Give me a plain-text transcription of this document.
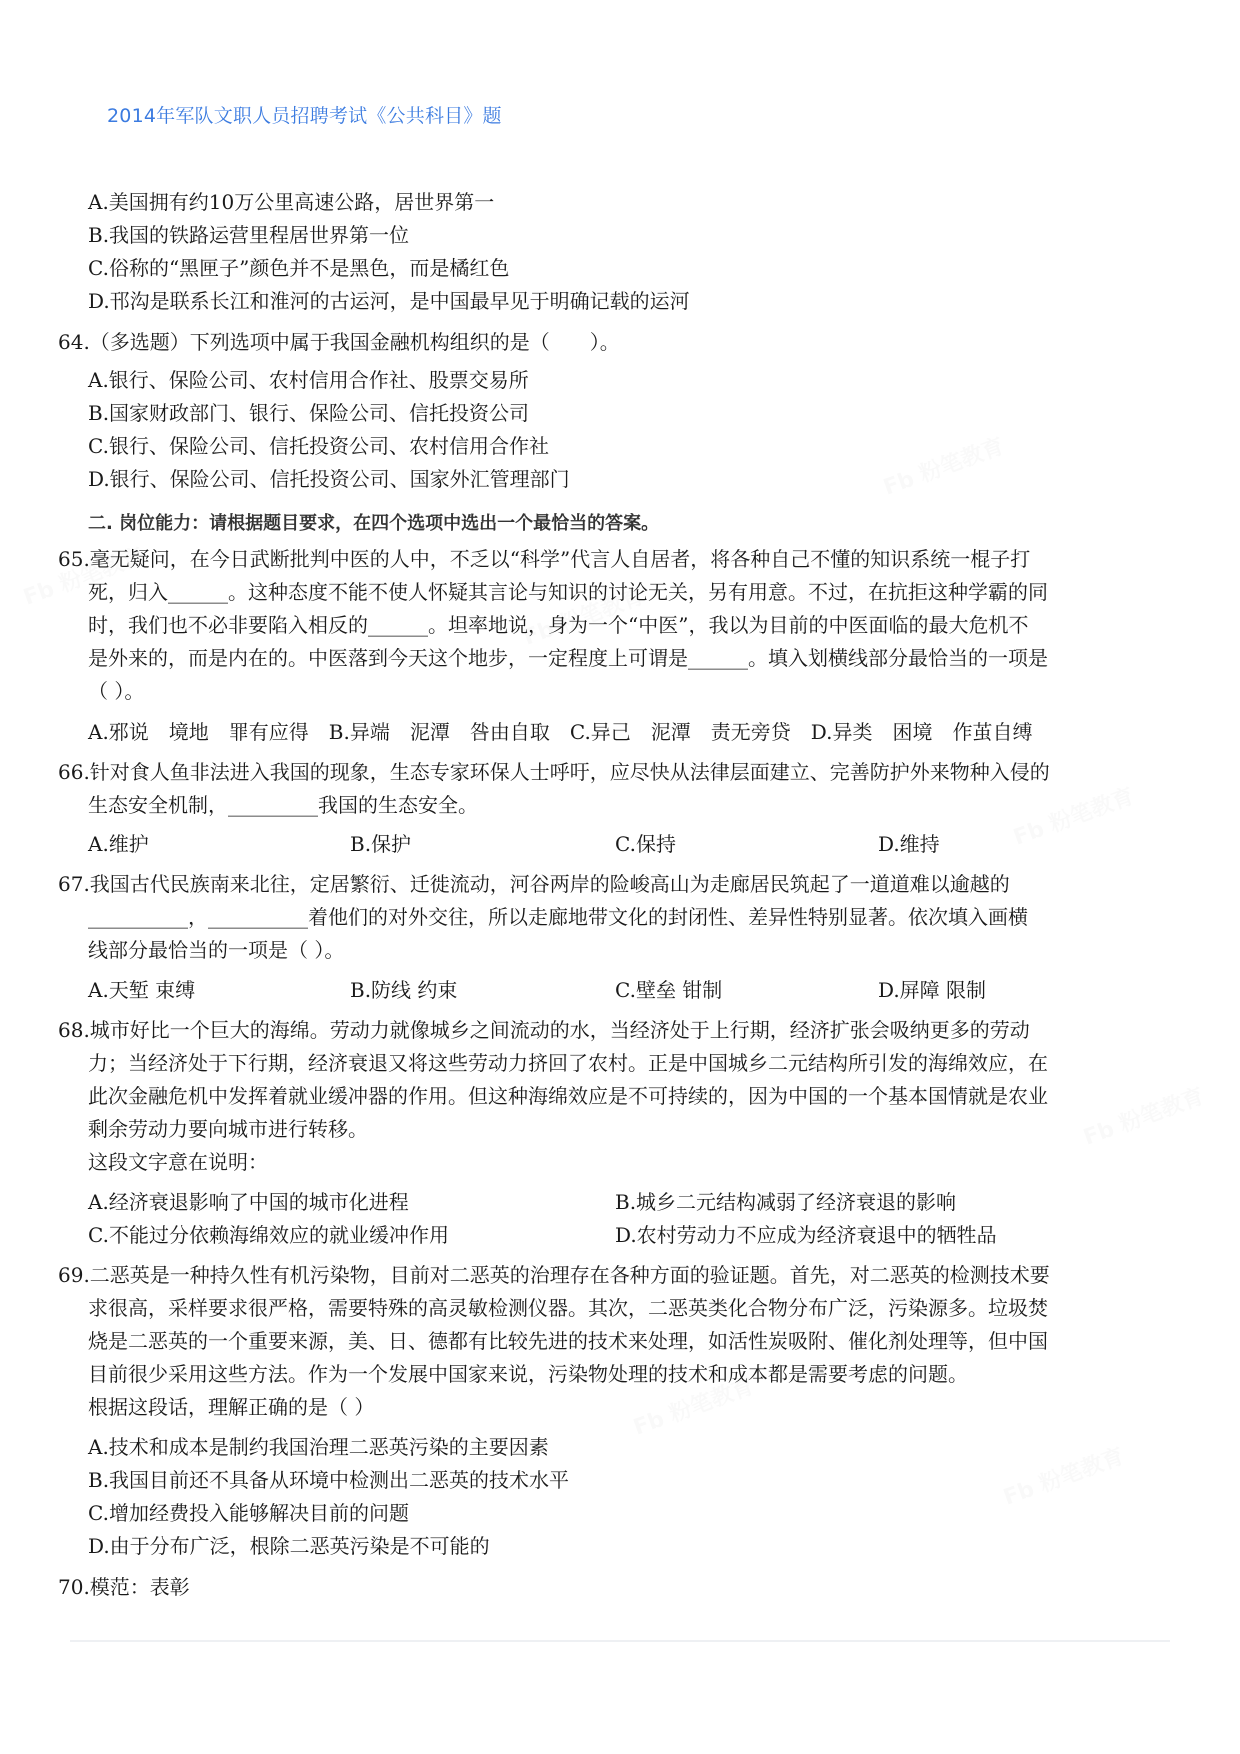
2014年军队文职人员招聘考试《公共科目》题
A.美国拥有约10万公里高速公路，居世界第一
B.我国的铁路运营里程居世界第一位
C.俗称的“黑匣子”颜色并不是黑色，而是橘红色
D.邗沟是联系长江和淮河的古运河，是中国最早见于明确记载的运河
64.（多选题）下列选项中属于我国金融机构组织的是（　　）。
A.银行、保险公司、农村信用合作社、股票交易所
B.国家财政部门、银行、保险公司、信托投资公司
C.银行、保险公司、信托投资公司、农村信用合作社
D.银行、保险公司、信托投资公司、国家外汇管理部门
二. 岗位能力：请根据题目要求，在四个选项中选出一个最恰当的答案。
65.毫无疑问，在今日武断批判中医的人中，不乏以“科学”代言人自居者，将各种自己不懂的知识系统一棍子打
死，归入______。这种态度不能不使人怀疑其言论与知识的讨论无关，另有用意。不过，在抗拒这种学霸的同
时，我们也不必非要陷入相反的______。坦率地说，身为一个“中医”，我以为目前的中医面临的最大危机不
是外来的，而是内在的。中医落到今天这个地步，一定程度上可谓是______。填入划横线部分最恰当的一项是
（ ）。
A.邪说　境地　罪有应得　B.异端　泥潭　咎由自取　C.异己　泥潭　责无旁贷　D.异类　困境　作茧自缚
66.针对食人鱼非法进入我国的现象，生态专家环保人士呼吁，应尽快从法律层面建立、完善防护外来物种入侵的
生态安全机制，_________我国的生态安全。
A.维护	B.保护	C.保持	D.维持
67.我国古代民族南来北往，定居繁衍、迁徙流动，河谷两岸的险峻高山为走廊居民筑起了一道道难以逾越的
__________，__________着他们的对外交往，所以走廊地带文化的封闭性、差异性特别显著。依次填入画横
线部分最恰当的一项是（ ）。
A.天堑 束缚	B.防线 约束	C.壁垒 钳制	D.屏障 限制
68.城市好比一个巨大的海绵。劳动力就像城乡之间流动的水，当经济处于上行期，经济扩张会吸纳更多的劳动
力；当经济处于下行期，经济衰退又将这些劳动力挤回了农村。正是中国城乡二元结构所引发的海绵效应，在
此次金融危机中发挥着就业缓冲器的作用。但这种海绵效应是不可持续的，因为中国的一个基本国情就是农业
剩余劳动力要向城市进行转移。
这段文字意在说明：
A.经济衰退影响了中国的城市化进程	B.城乡二元结构减弱了经济衰退的影响
C.不能过分依赖海绵效应的就业缓冲作用	D.农村劳动力不应成为经济衰退中的牺牲品
69.二恶英是一种持久性有机污染物，目前对二恶英的治理存在各种方面的验证题。首先，对二恶英的检测技术要
求很高，采样要求很严格，需要特殊的高灵敏检测仪器。其次，二恶英类化合物分布广泛，污染源多。垃圾焚
烧是二恶英的一个重要来源，美、日、德都有比较先进的技术来处理，如活性炭吸附、催化剂处理等，但中国
目前很少采用这些方法。作为一个发展中国家来说，污染物处理的技术和成本都是需要考虑的问题。
根据这段话，理解正确的是（ ）
A.技术和成本是制约我国治理二恶英污染的主要因素
B.我国目前还不具备从环境中检测出二恶英的技术水平
C.增加经费投入能够解决目前的问题
D.由于分布广泛，根除二恶英污染是不可能的
70.模范：表彰
